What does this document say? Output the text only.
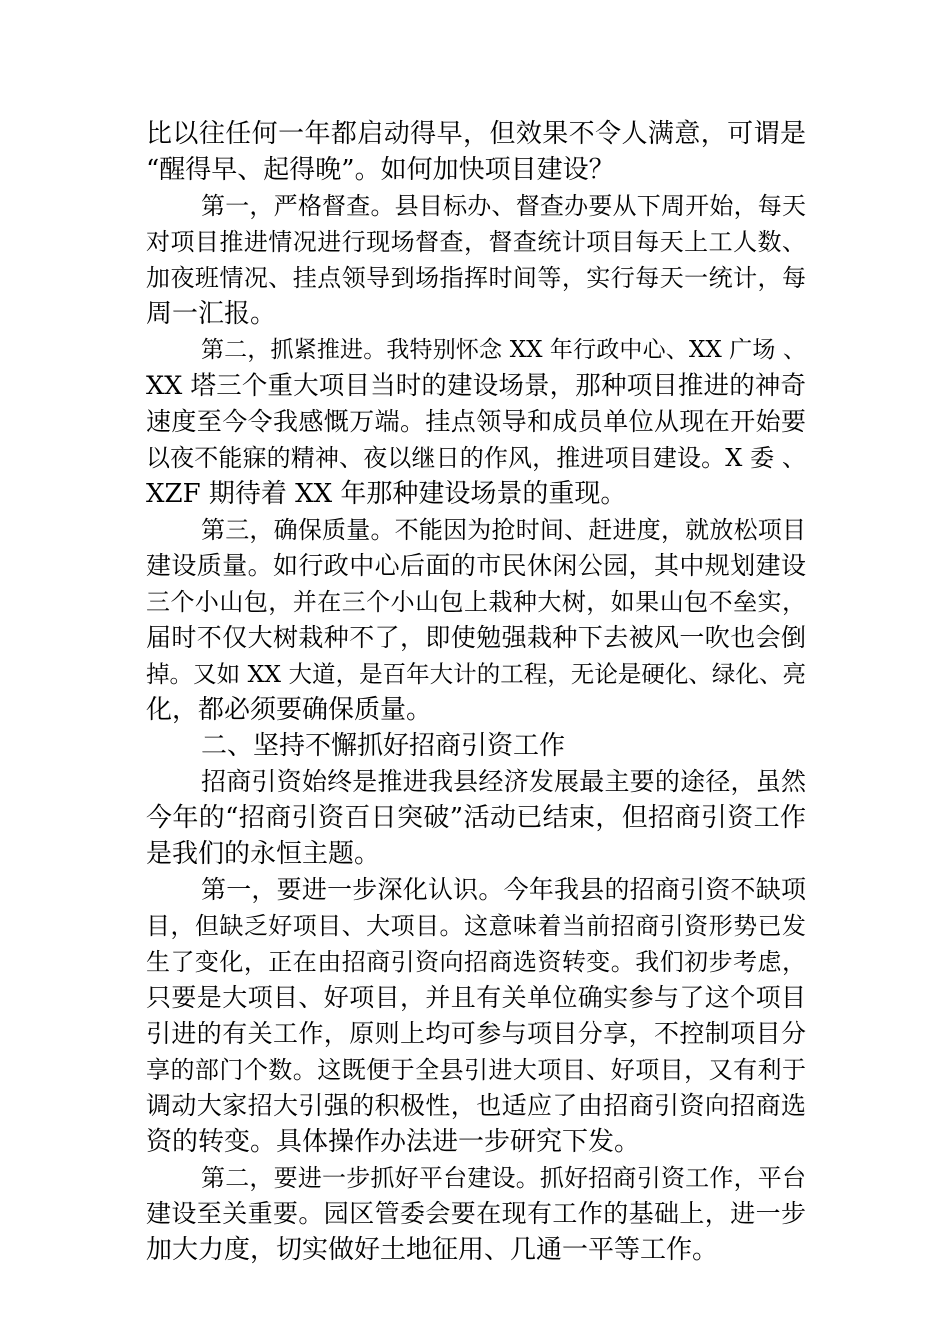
比以往任何一年都启动得早，但效果不令人满意，可谓是
“醒得早、起得晚”。如何加快项目建设？
第一，严格督查。县目标办、督查办要从下周开始，每天
对项目推进情况进行现场督查，督查统计项目每天上工人数、
加夜班情况、挂点领导到场指挥时间等，实行每天一统计，每
周一汇报。
第二，抓紧推进。我特别怀念 XX 年行政中心、XX 广场 、
XX 塔三个重大项目当时的建设场景，那种项目推进的神奇
速度至今令我感慨万端。挂点领导和成员单位从现在开始要
以夜不能寐的精神、夜以继日的作风，推进项目建设。X 委 、
XZF 期待着 XX 年那种建设场景的重现。
第三，确保质量。不能因为抢时间、赶进度，就放松项目
建设质量。如行政中心后面的市民休闲公园，其中规划建设
三个小山包，并在三个小山包上栽种大树，如果山包不垒实，
届时不仅大树栽种不了，即使勉强栽种下去被风一吹也会倒
掉。又如 XX 大道，是百年大计的工程，无论是硬化、绿化、亮
化，都必须要确保质量。
二、坚持不懈抓好招商引资工作
招商引资始终是推进我县经济发展最主要的途径，虽然
今年的“招商引资百日突破”活动已结束，但招商引资工作
是我们的永恒主题。
第一，要进一步深化认识。今年我县的招商引资不缺项
目，但缺乏好项目、大项目。这意味着当前招商引资形势已发
生了变化，正在由招商引资向招商选资转变。我们初步考虑，
只要是大项目、好项目，并且有关单位确实参与了这个项目
引进的有关工作，原则上均可参与项目分享，不控制项目分
享的部门个数。这既便于全县引进大项目、好项目，又有利于
调动大家招大引强的积极性，也适应了由招商引资向招商选
资的转变。具体操作办法进一步研究下发。
第二，要进一步抓好平台建设。抓好招商引资工作，平台
建设至关重要。园区管委会要在现有工作的基础上，进一步
加大力度，切实做好土地征用、几通一平等工作。
